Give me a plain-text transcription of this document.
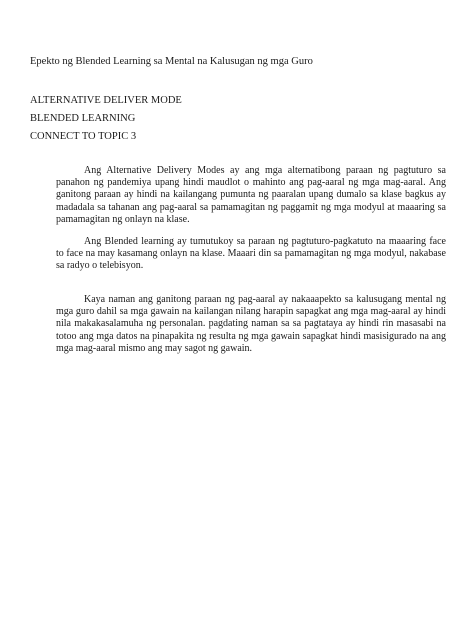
Epekto ng Blended Learning sa Mental na Kalusugan ng mga Guro
ALTERNATIVE DELIVER MODE
BLENDED LEARNING
CONNECT TO TOPIC 3

Ang Alternative Delivery Modes ay ang mga alternatibong paraan ng pagtuturo sa panahon ng pandemiya upang hindi maudlot o mahinto ang pag-aaral ng mga mag-aaral. Ang ganitong paraan ay hindi na kailangang pumunta ng paaralan upang dumalo sa klase bagkus ay madadala sa tahanan ang pag-aaral sa pamamagitan ng paggamit ng mga modyul at maaaring sa pamamagitan ng onlayn na klase.

Ang Blended learning ay tumutukoy sa paraan ng pagtuturo-pagkatuto na maaaring face to face na may kasamang onlayn na klase. Maaari din sa pamamagitan ng mga modyul, nakabase sa radyo o telebisyon.

Kaya naman ang ganitong paraan ng pag-aaral ay nakaaapekto sa kalusugang mental ng mga guro dahil sa mga gawain na kailangan nilang harapin sapagkat ang mga mag-aaral ay hindi nila makakasalamuha ng personalan. pagdating naman sa sa pagtataya ay hindi rin masasabi na totoo ang mga datos na pinapakita ng resulta ng mga gawain sapagkat hindi masisigurado na ang mga mag-aaral mismo ang may sagot ng gawain.
